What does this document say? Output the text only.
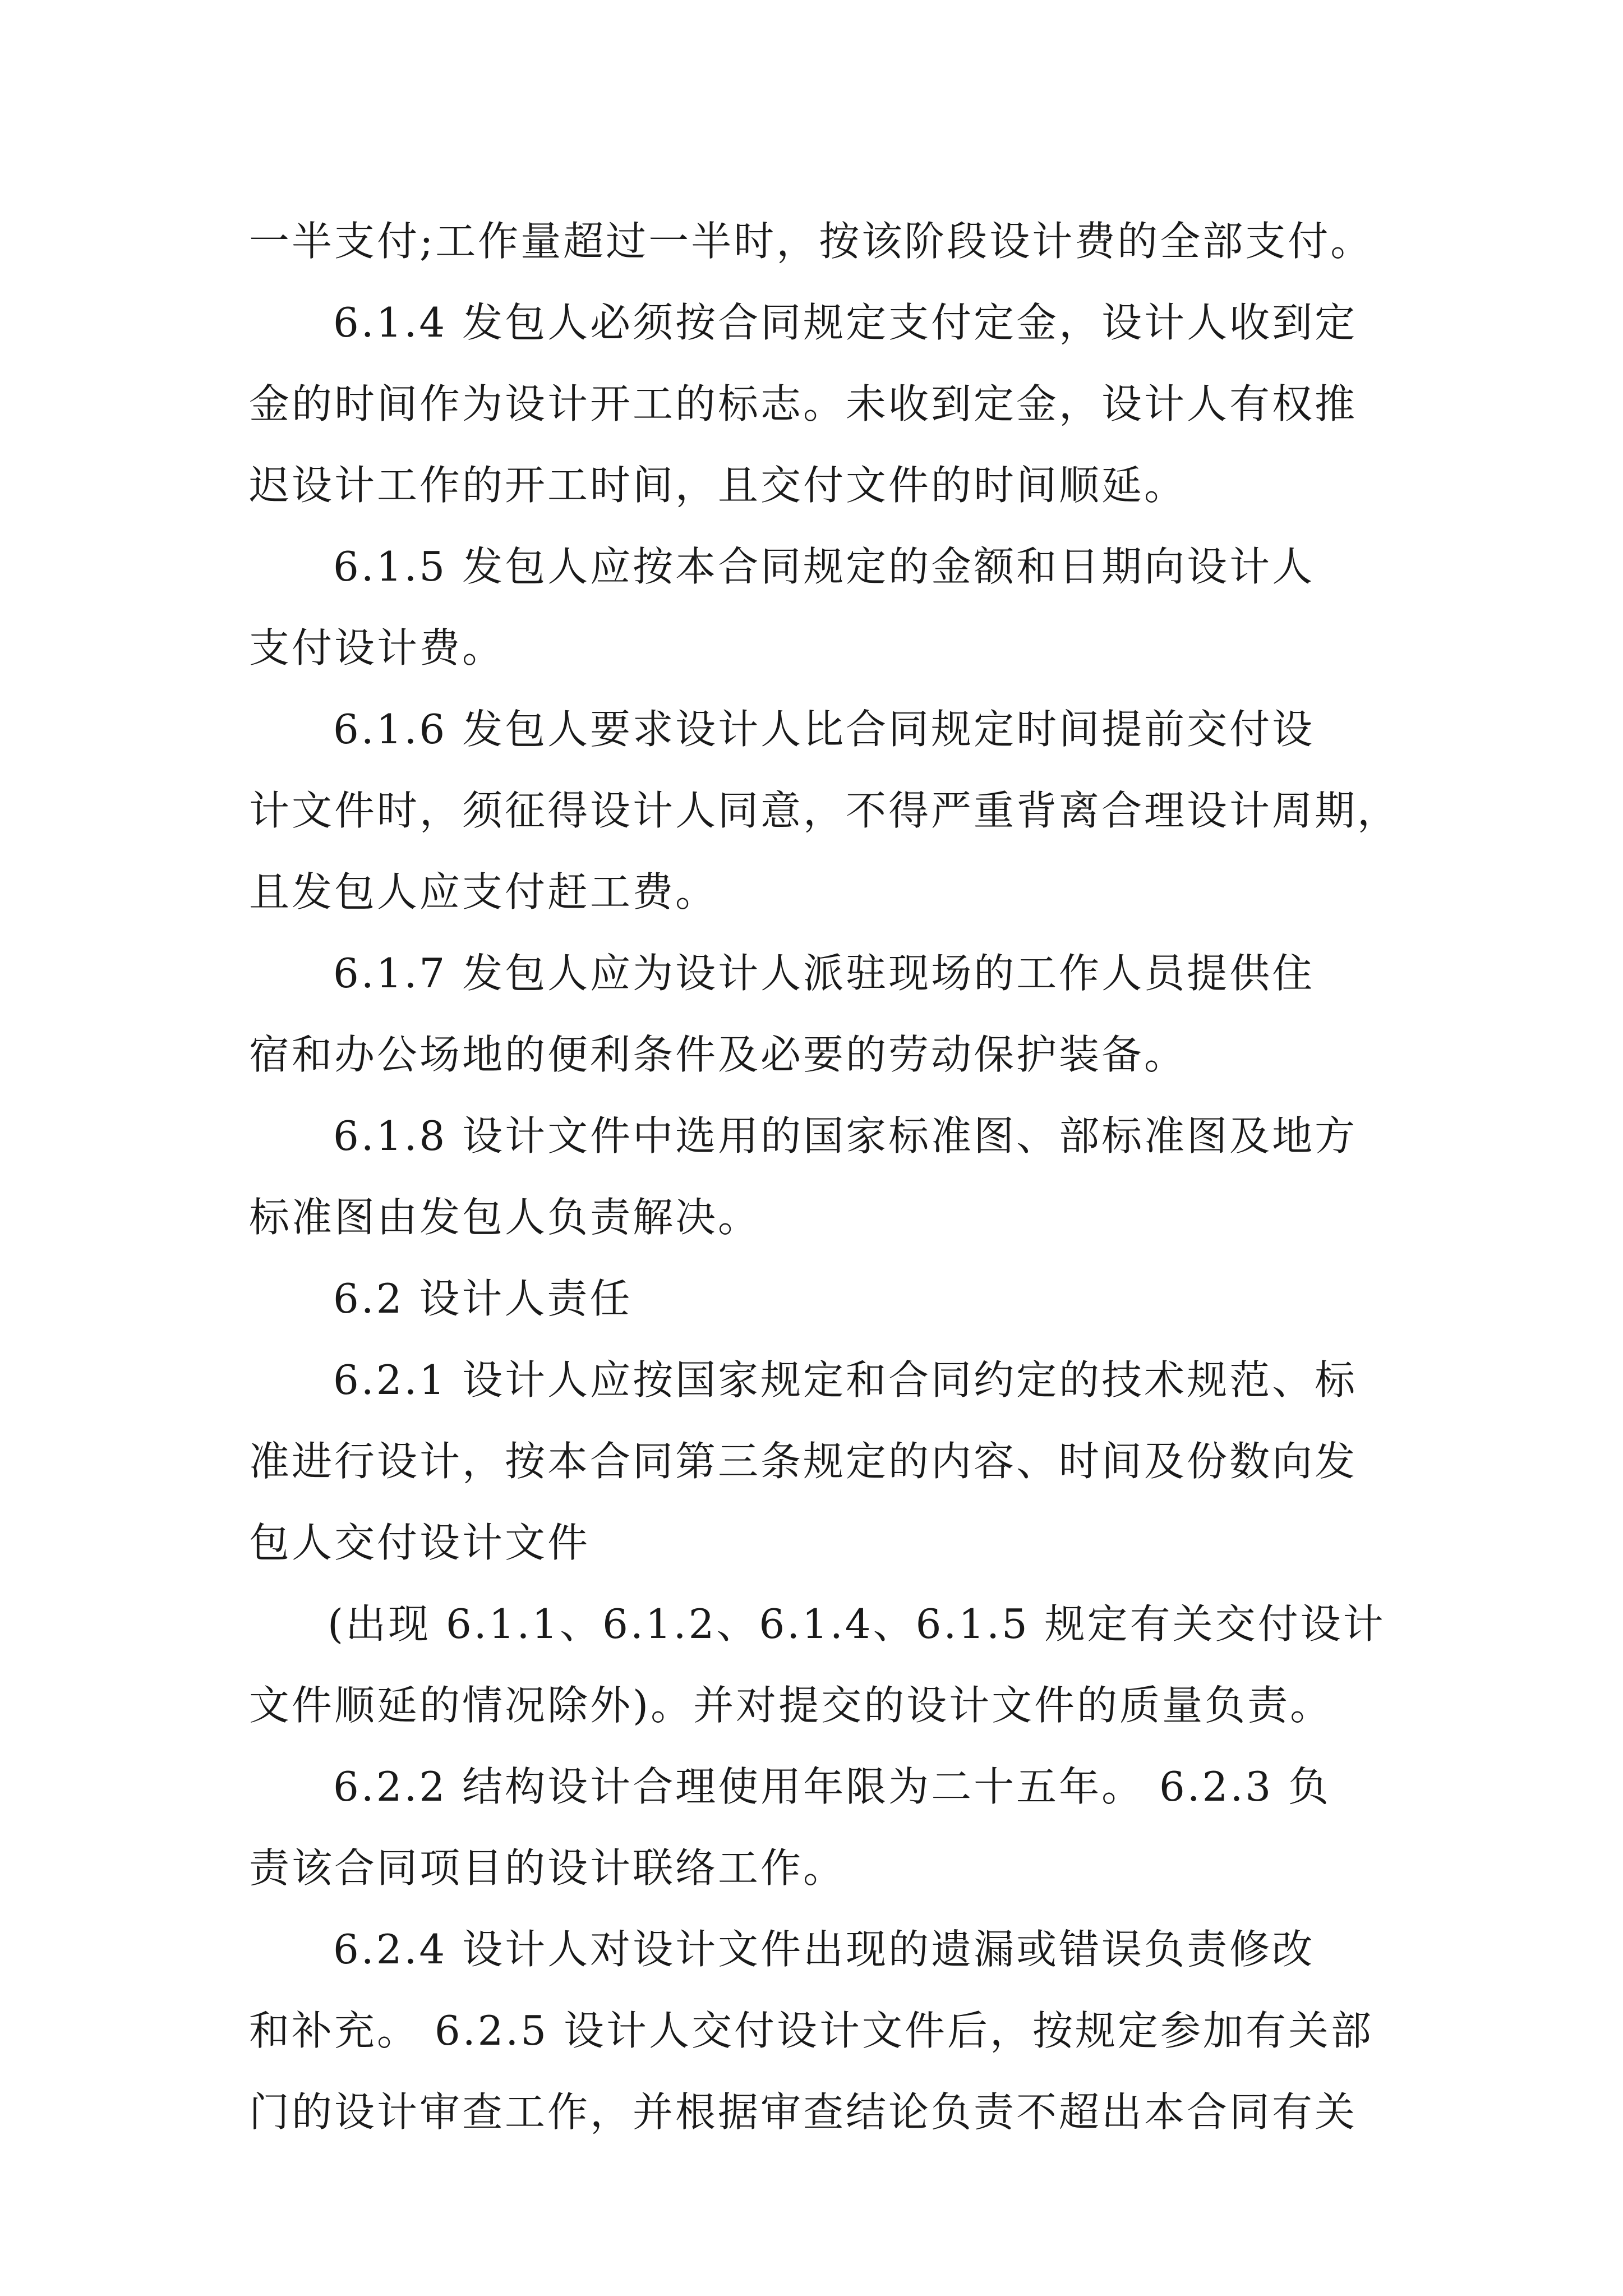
一半支付;工作量超过一半时，按该阶段设计费的全部支付。
6.1.4 发包人必须按合同规定支付定金，设计人收到定
金的时间作为设计开工的标志。未收到定金，设计人有权推
迟设计工作的开工时间，且交付文件的时间顺延。
6.1.5 发包人应按本合同规定的金额和日期向设计人
支付设计费。
6.1.6 发包人要求设计人比合同规定时间提前交付设
计文件时，须征得设计人同意，不得严重背离合理设计周期，
且发包人应支付赶工费。
6.1.7 发包人应为设计人派驻现场的工作人员提供住
宿和办公场地的便利条件及必要的劳动保护装备。
6.1.8 设计文件中选用的国家标准图、部标准图及地方
标准图由发包人负责解决。
6.2 设计人责任
6.2.1 设计人应按国家规定和合同约定的技术规范、标
准进行设计，按本合同第三条规定的内容、时间及份数向发
包人交付设计文件
(出现 6.1.1、6.1.2、6.1.4、6.1.5 规定有关交付设计
文件顺延的情况除外)。并对提交的设计文件的质量负责。
6.2.2 结构设计合理使用年限为二十五年。 6.2.3 负
责该合同项目的设计联络工作。
6.2.4 设计人对设计文件出现的遗漏或错误负责修改
和补充。 6.2.5 设计人交付设计文件后，按规定参加有关部
门的设计审查工作，并根据审查结论负责不超出本合同有关
